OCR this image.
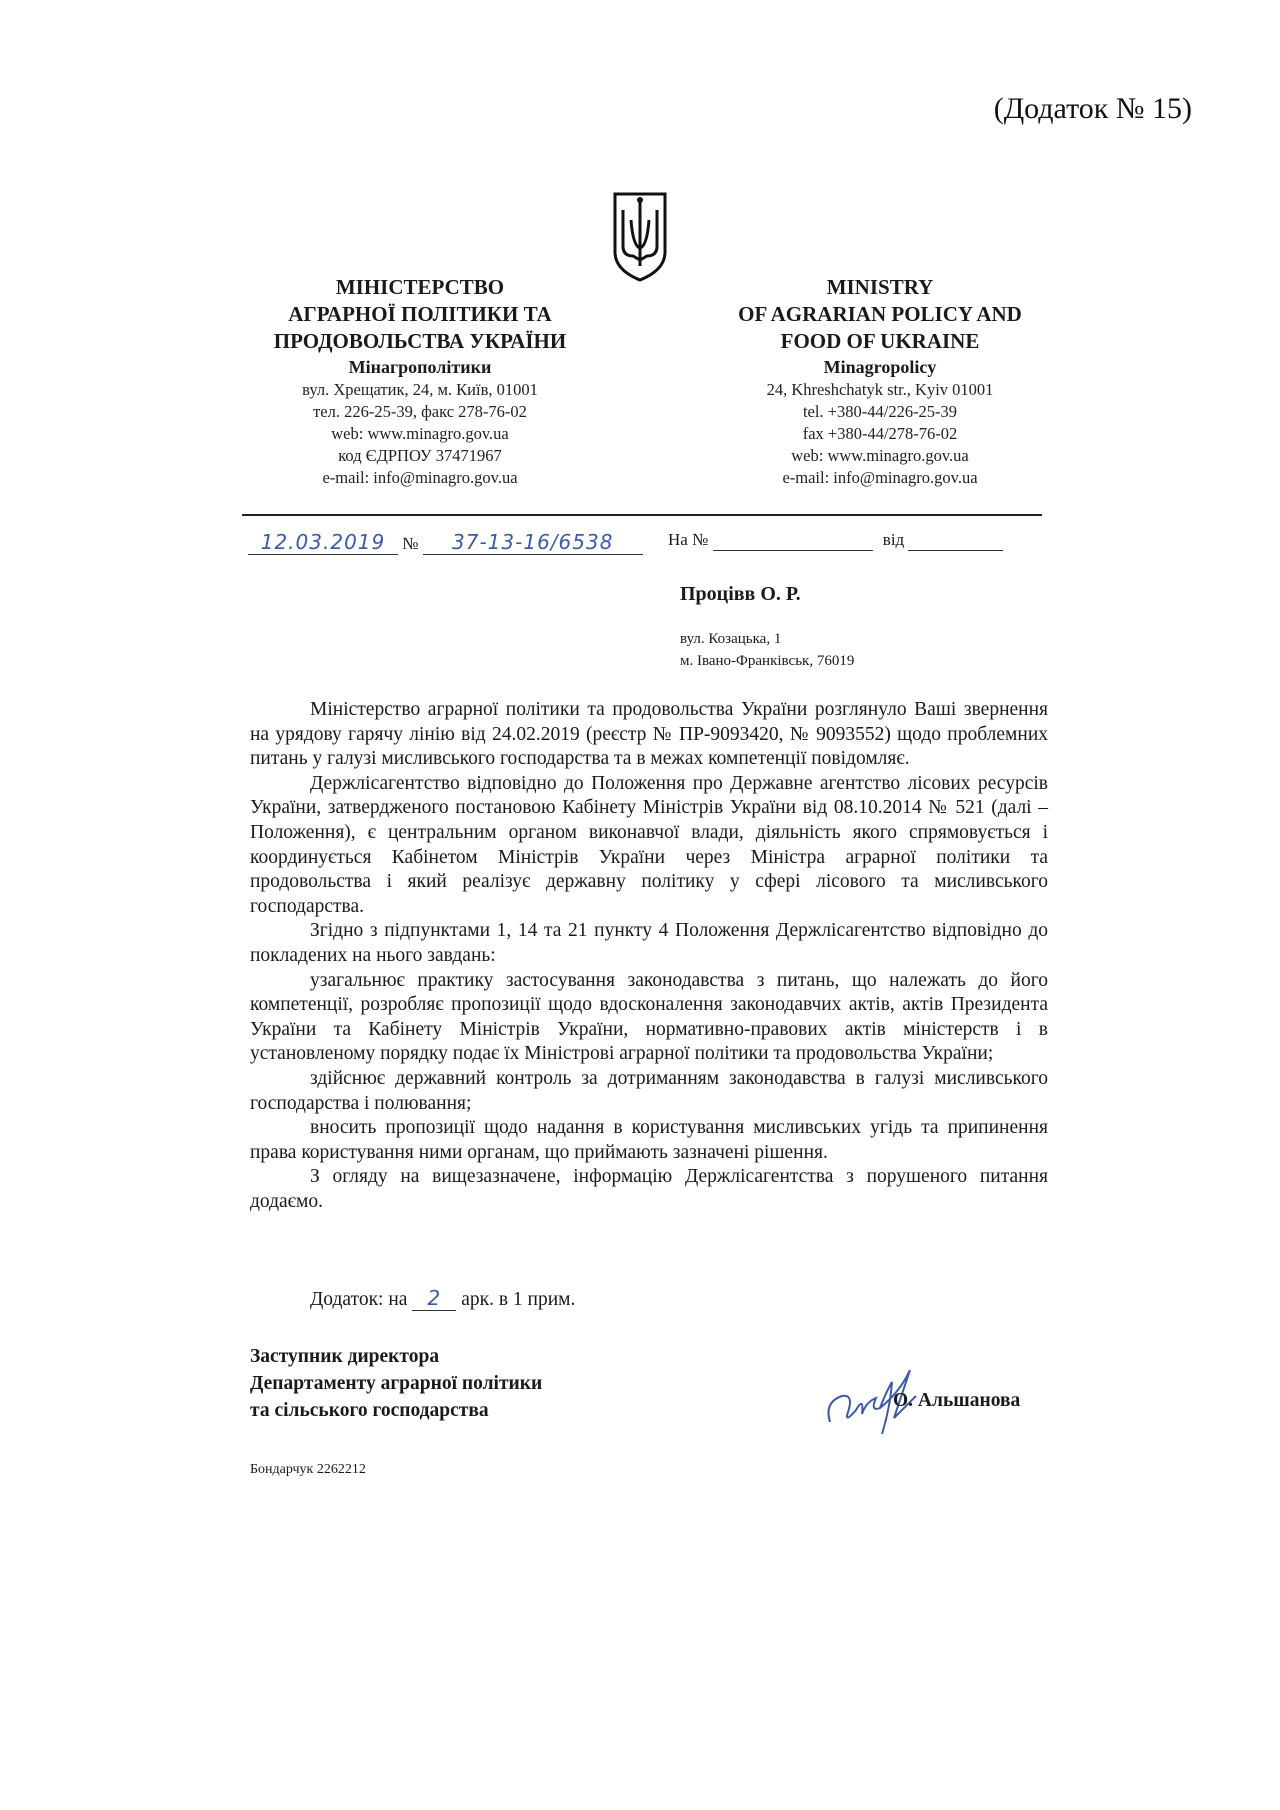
(Додаток № 15)
МІНІСТЕРСТВО
АГРАРНОЇ ПОЛІТИКИ ТА
ПРОДОВОЛЬСТВА УКРАЇНИ
Мінагрополітики
вул. Хрещатик, 24, м. Київ, 01001
тел. 226-25-39, факс 278-76-02
web: www.minagro.gov.ua
код ЄДРПОУ 37471967
e-mail: info@minagro.gov.ua
MINISTRY
OF AGRARIAN POLICY AND
FOOD OF UKRAINE
Minagropolicy
24, Khreshchatyk str., Kyiv 01001
tel. +380-44/226-25-39
fax +380-44/278-76-02
web: www.minagro.gov.ua
e-mail: info@minagro.gov.ua
12.03.2019 № 37-13-16/6538	На №	від
Процівв О. Р.
вул. Козацька, 1
м. Івано-Франківськ, 76019

Міністерство аграрної політики та продовольства України розглянуло Ваші звернення на урядову гарячу лінію від 24.02.2019 (реєстр № ПР-9093420, № 9093552) щодо проблемних питань у галузі мисливського господарства та в межах компетенції повідомляє.

Держлісагентство відповідно до Положення про Державне агентство лісових ресурсів України, затвердженого постановою Кабінету Міністрів України від 08.10.2014 № 521 (далі – Положення), є центральним органом виконавчої влади, діяльність якого спрямовується і координується Кабінетом Міністрів України через Міністра аграрної політики та продовольства і який реалізує державну політику у сфері лісового та мисливського господарства.

Згідно з підпунктами 1, 14 та 21 пункту 4 Положення Держлісагентство відповідно до покладених на нього завдань:

узагальнює практику застосування законодавства з питань, що належать до його компетенції, розробляє пропозиції щодо вдосконалення законодавчих актів, актів Президента України та Кабінету Міністрів України, нормативно-правових актів міністерств і в установленому порядку подає їх Міністрові аграрної політики та продовольства України;

здійснює державний контроль за дотриманням законодавства в галузі мисливського господарства і полювання;

вносить пропозиції щодо надання в користування мисливських угідь та припинення права користування ними органам, що приймають зазначені рішення.

З огляду на вищезазначене, інформацію Держлісагентства з порушеного питання додаємо.

Додаток: на 2 арк. в 1 прим.
Заступник директора
Департаменту аграрної політики
та сільського господарства	О. Альшанова
Бондарчук 2262212
